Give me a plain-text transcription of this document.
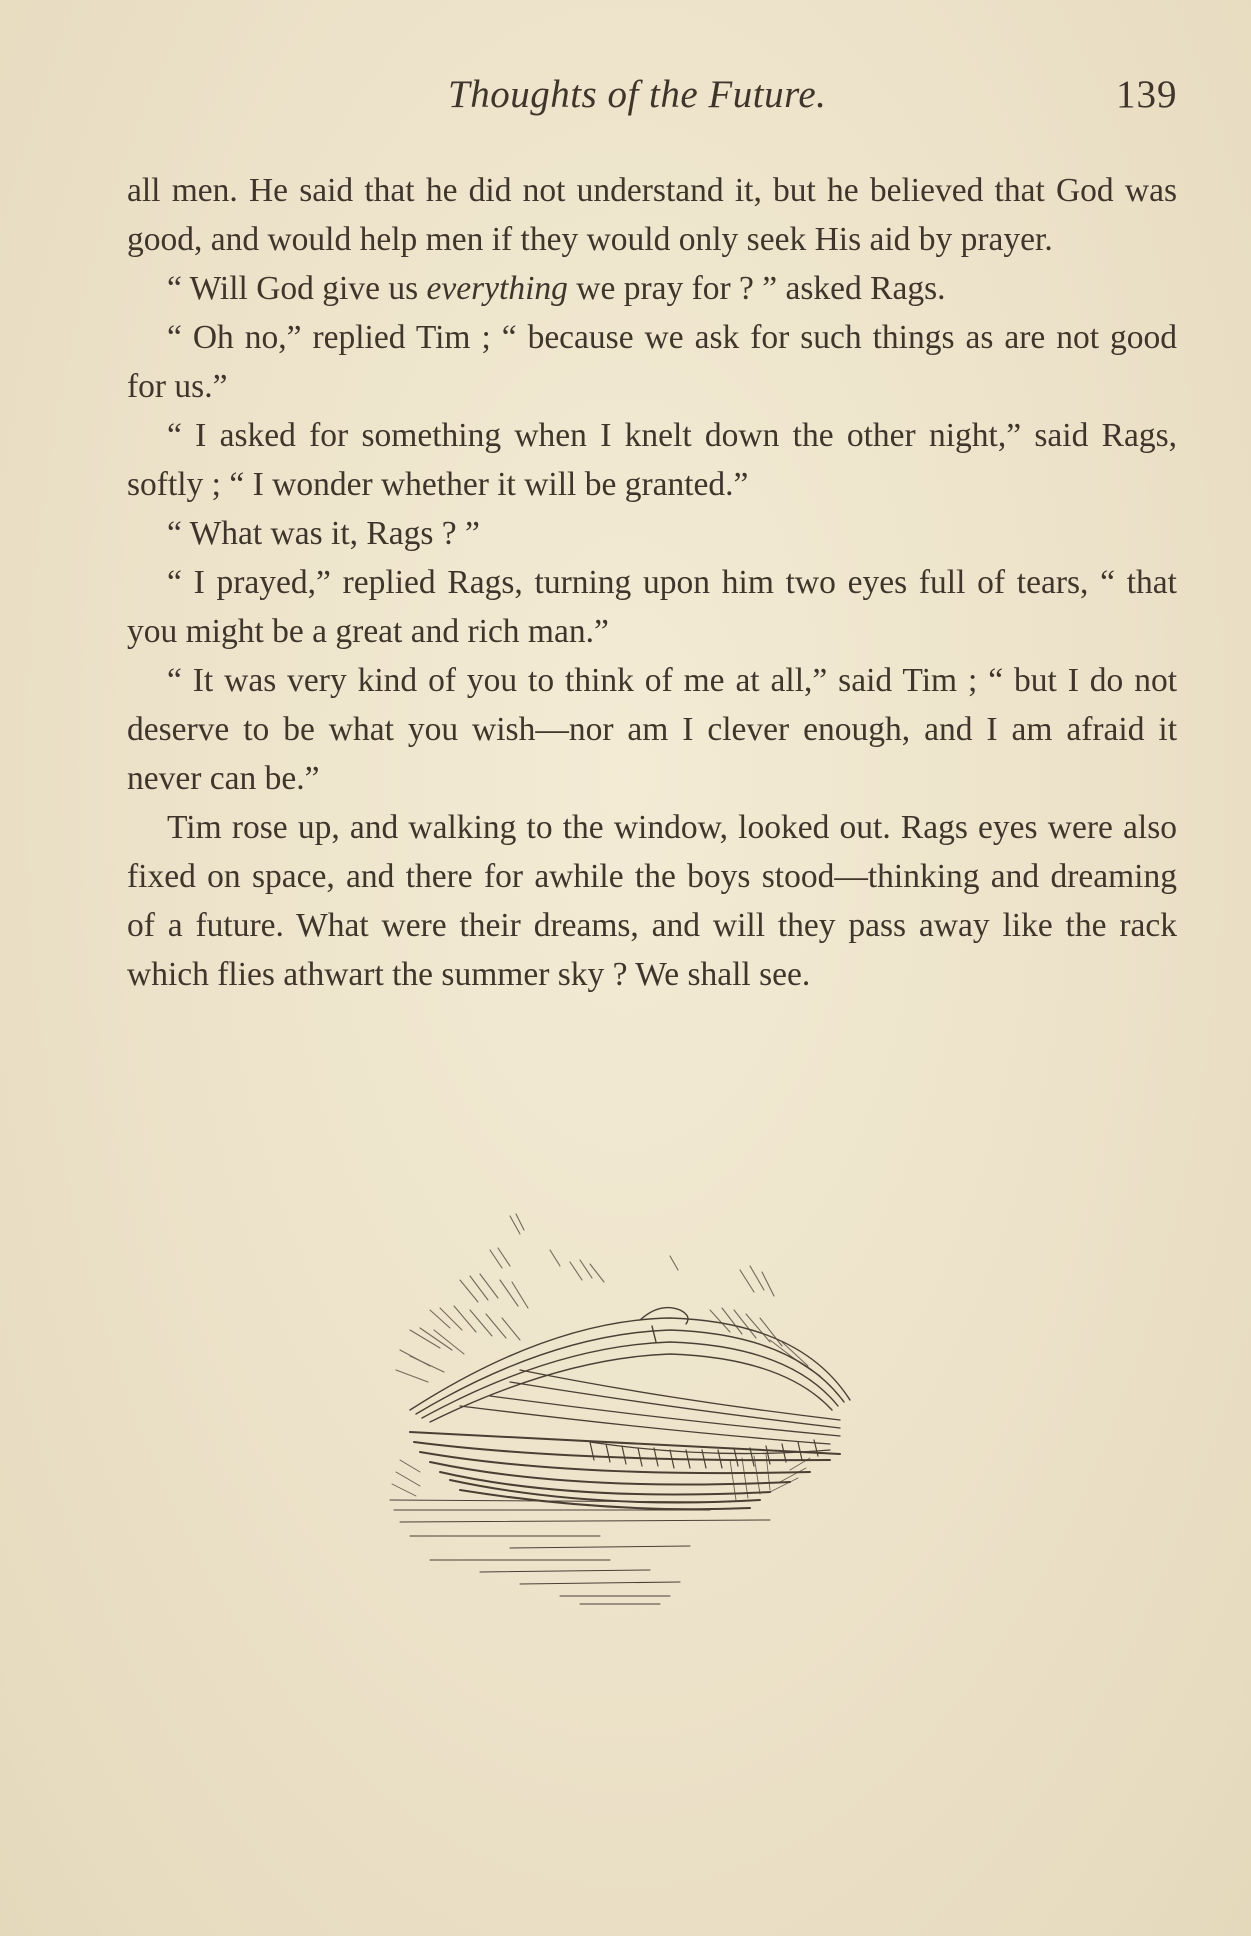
Thoughts of the Future.	139

all men. He said that he did not understand it, but he believed that God was good, and would help men if they would only seek His aid by prayer.

“ Will God give us everything we pray for ? ” asked Rags.

“ Oh no,” replied Tim ; “ because we ask for such things as are not good for us.”

“ I asked for something when I knelt down the other night,” said Rags, softly ; “ I wonder whether it will be granted.”

“ What was it, Rags ? ”

“ I prayed,” replied Rags, turning upon him two eyes full of tears, “ that you might be a great and rich man.”

“ It was very kind of you to think of me at all,” said Tim ; “ but I do not deserve to be what you wish—nor am I clever enough, and I am afraid it never can be.”

Tim rose up, and walking to the window, looked out. Rags eyes were also fixed on space, and there for awhile the boys stood—thinking and dreaming of a future. What were their dreams, and will they pass away like the rack which flies athwart the summer sky ? We shall see.
